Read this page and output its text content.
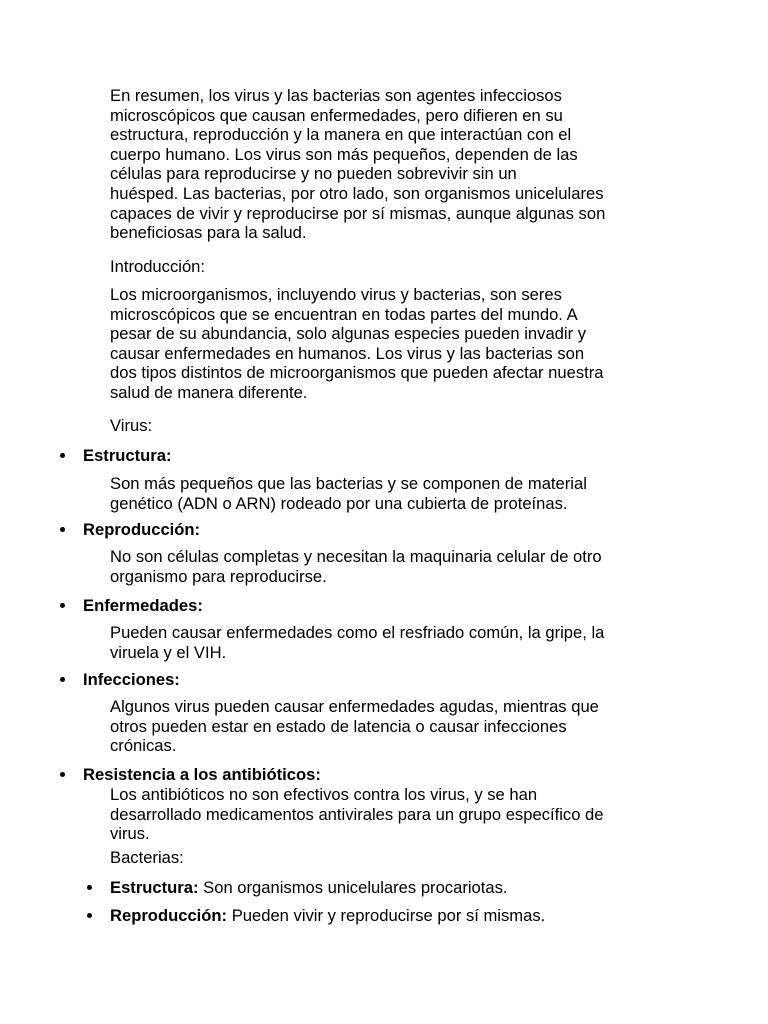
En resumen, los virus y las bacterias son agentes infecciosos
microscópicos que causan enfermedades, pero difieren en su
estructura, reproducción y la manera en que interactúan con el
cuerpo humano. Los virus son más pequeños, dependen de las
células para reproducirse y no pueden sobrevivir sin un
huésped. Las bacterias, por otro lado, son organismos unicelulares
capaces de vivir y reproducirse por sí mismas, aunque algunas son
beneficiosas para la salud.
Introducción:
Los microorganismos, incluyendo virus y bacterias, son seres
microscópicos que se encuentran en todas partes del mundo. A
pesar de su abundancia, solo algunas especies pueden invadir y
causar enfermedades en humanos. Los virus y las bacterias son
dos tipos distintos de microorganismos que pueden afectar nuestra
salud de manera diferente.
Virus:
Estructura:
Son más pequeños que las bacterias y se componen de material
genético (ADN o ARN) rodeado por una cubierta de proteínas.
Reproducción:
No son células completas y necesitan la maquinaria celular de otro
organismo para reproducirse.
Enfermedades:
Pueden causar enfermedades como el resfriado común, la gripe, la
viruela y el VIH.
Infecciones:
Algunos virus pueden causar enfermedades agudas, mientras que
otros pueden estar en estado de latencia o causar infecciones
crónicas.
Resistencia a los antibióticos:
Los antibióticos no son efectivos contra los virus, y se han
desarrollado medicamentos antivirales para un grupo específico de
virus.
Bacterias:
Estructura: Son organismos unicelulares procariotas.
Reproducción: Pueden vivir y reproducirse por sí mismas.
